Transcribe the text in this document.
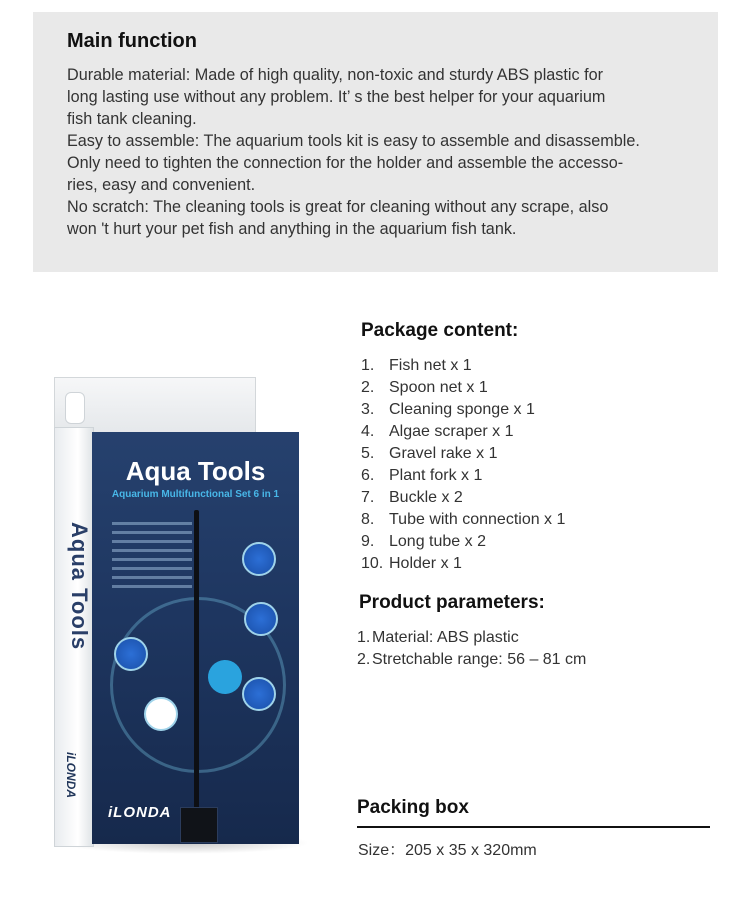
Main function
Durable material: Made of high quality, non-toxic and sturdy ABS plastic for
long lasting use without any problem. It’ s the best helper for your aquarium
fish tank cleaning.
Easy to assemble: The aquarium tools kit is easy to assemble and disassemble.
Only need to tighten the connection for the holder and assemble the accesso-
ries, easy and convenient.
No scratch: The cleaning tools is great for cleaning without any scrape, also
won 't hurt your pet fish and anything in the aquarium fish tank.
Aqua Tools
iLONDA
Aqua Tools
Aquarium Multifunctional Set 6 in 1
iLONDA
Package content:
1. Fish net x 1
2. Spoon net x 1
3. Cleaning sponge x 1
4. Algae scraper x 1
5. Gravel rake x 1
6. Plant fork x 1
7. Buckle x 2
8. Tube with connection x 1
9. Long tube x 2
10. Holder x 1
Product parameters:
1. Material: ABS plastic
2. Stretchable range: 56 – 81 cm
Packing box
Size：205 x 35 x 320mm
